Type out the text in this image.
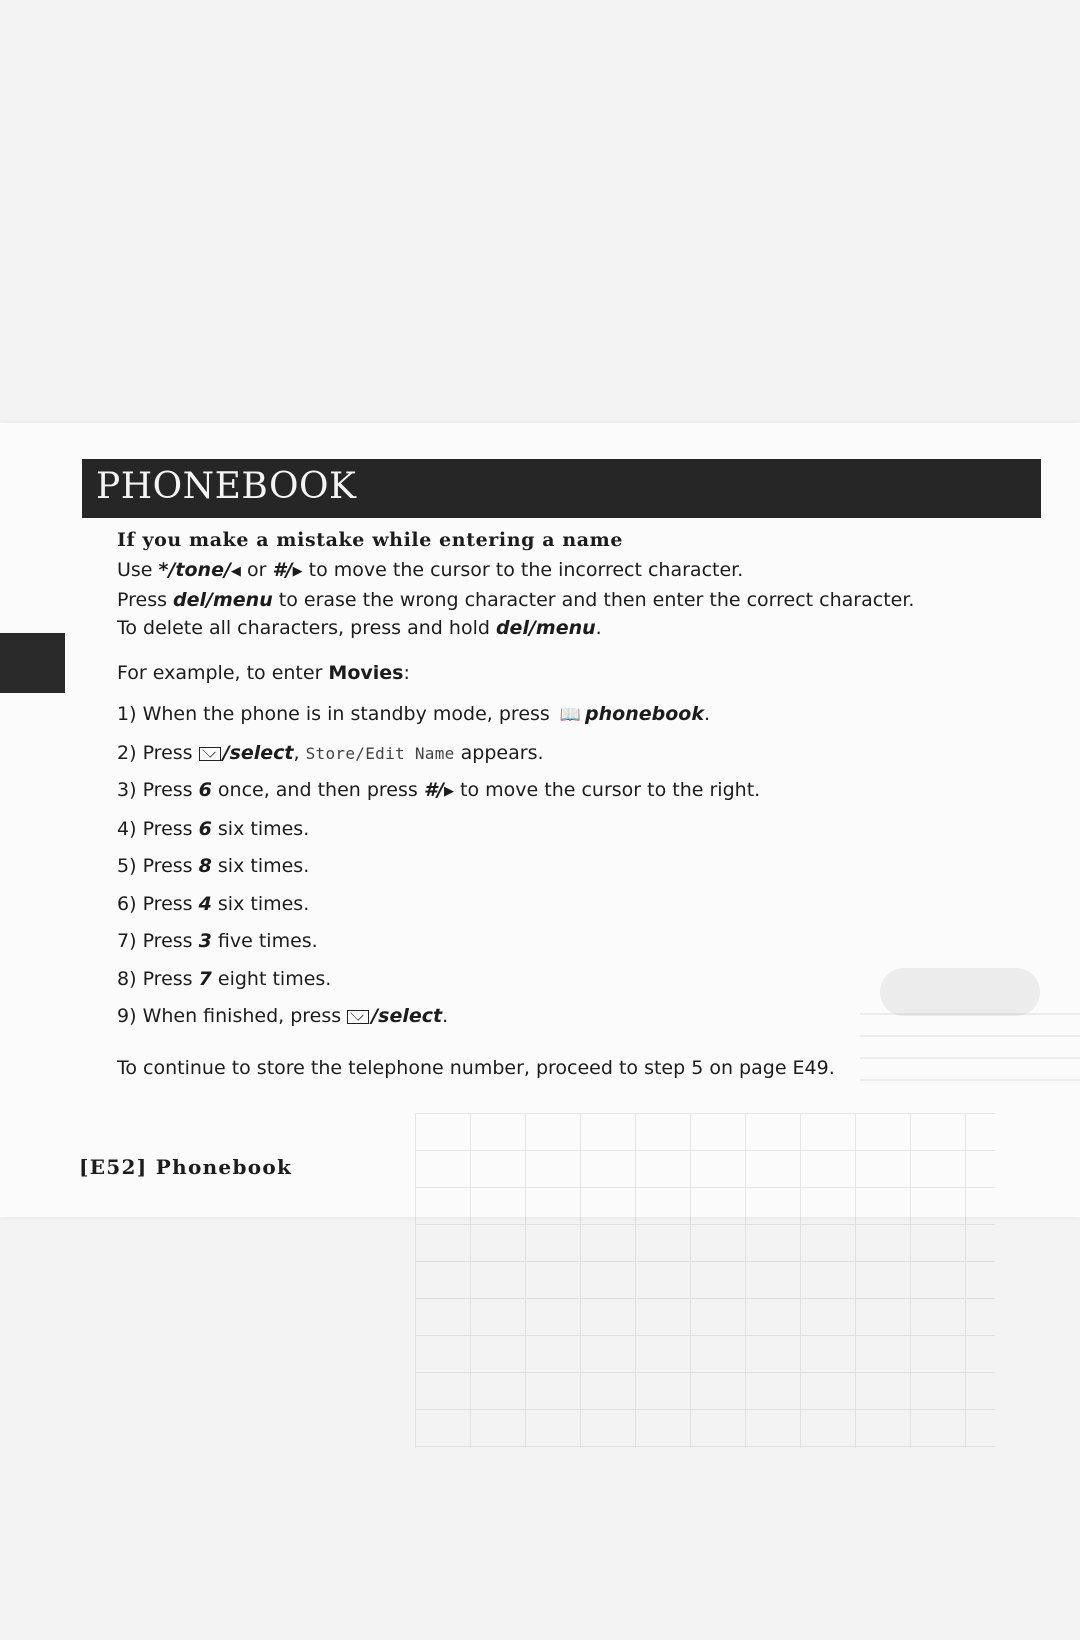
PHONEBOOK
If you make a mistake while entering a name

Use */tone/◀ or #/▶ to move the cursor to the incorrect character.

Press del/menu to erase the wrong character and then enter the correct character.

To delete all characters, press and hold del/menu.

For example, to enter Movies:

1) When the phone is in standby mode, press 📖 phonebook.
2) Press /select, Store/Edit Name appears.
3) Press 6 once, and then press #/▶ to move the cursor to the right.
4) Press 6 six times.
5) Press 8 six times.
6) Press 4 six times.
7) Press 3 five times.
8) Press 7 eight times.
9) When finished, press /select.

To continue to store the telephone number, proceed to step 5 on page E49.

[E52] Phonebook
